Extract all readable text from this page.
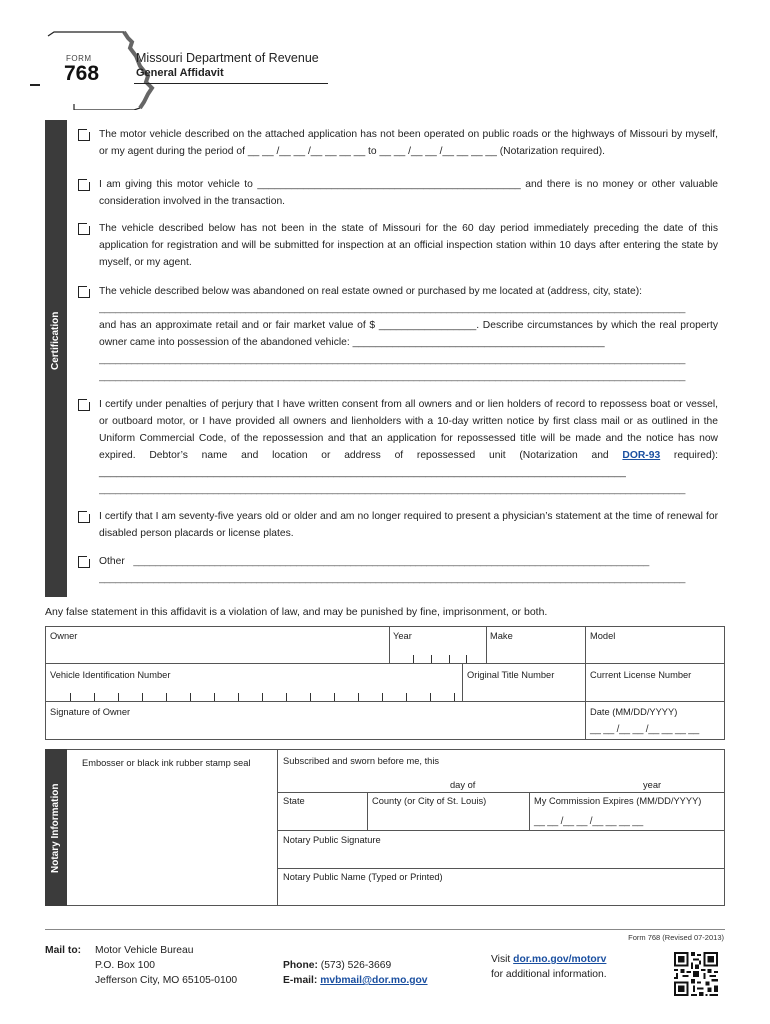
FORM
768
Missouri Department of Revenue
General Affidavit
Certification
Notary Information
The motor vehicle described on the attached application has not been operated on public roads or the highways of Missouri by myself, or my agent during the period of __ __ /__ __ /__ __ __ __ to __ __ /__ __ /__ __ __ __ (Notarization required).
I am giving this motor vehicle to ______________________________________________ and there is no money or other valuable consideration involved in the transaction.
The vehicle described below has not been in the state of Missouri for the 60 day period immediately preceding the date of this application for registration and will be submitted for inspection at an official inspection station within 10 days after entering the state by myself, or my agent.
The vehicle described below was abandoned on real estate owned or purchased by me located at (address, city, state):
____________________________________________________________________________________________________________
and has an approximate retail and or fair market value of $ _________________. Describe circumstances by which the real property owner came into possession of the abandoned vehicle: ____________________________________________
____________________________________________________________________________________________________________
____________________________________________________________________________________________________________
I certify under penalties of perjury that I have written consent from all owners and or lien holders of record to repossess boat or vessel, or outboard motor, or I have provided all owners and lienholders with a 10-day written notice by first class mail or as outlined in the Uniform Commercial Code, of the repossession and that an application for repossessed title will be made and the notice has now expired. Debtor’s name and location or address of repossessed unit (Notarization and DOR-93 required): ____________________________________________________________________________________________
____________________________________________________________________________________________________________
I certify that I am seventy-five years old or older and am no longer required to present a physician’s statement at the time of renewal for disabled person placards or license plates.
Other _______________________________________________________________________________________________
____________________________________________________________________________________________________________
Any false statement in this affidavit is a violation of law, and may be punished by fine, imprisonment, or both.
Owner	Year	Make	Model
Vehicle Identification Number	Original Title Number	Current License Number
Signature of Owner	Date (MM/DD/YYYY)
__ __ /__ __ /__ __ __ __
Embosser or black ink rubber stamp seal	Subscribed and sworn before me, this
day of	year
State	County (or City of St. Louis)	My Commission Expires (MM/DD/YYYY)
__ __ /__ __ /__ __ __ __
Notary Public Signature
Notary Public Name (Typed or Printed)
Form 768 (Revised 07-2013)
Mail to: Motor Vehicle Bureau
P.O. Box 100
Jefferson City, MO 65105-0100
Phone: (573) 526-3669
E-mail: mvbmail@dor.mo.gov
Visit dor.mo.gov/motorv
for additional information.
